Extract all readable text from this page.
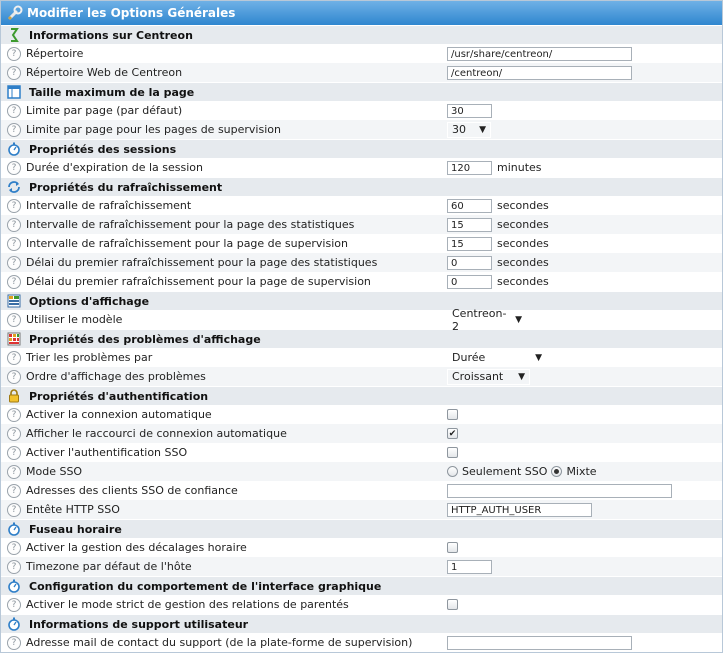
Modifier les Options Générales
Informations sur Centreon
? Répertoire	/usr/share/centreon/
? Répertoire Web de Centreon	/centreon/
Taille maximum de la page
? Limite par page (par défaut)	30
? Limite par page pour les pages de supervision	30 ▼
Propriétés des sessions
? Durée d'expiration de la session	120	minutes
Propriétés du rafraîchissement
? Intervalle de rafraîchissement	60	secondes
? Intervalle de rafraîchissement pour la page des statistiques	15	secondes
? Intervalle de rafraîchissement pour la page de supervision	15	secondes
? Délai du premier rafraîchissement pour la page des statistiques	0	secondes
? Délai du premier rafraîchissement pour la page de supervision	0	secondes
Options d'affichage
? Utiliser le modèle	Centreon-2	▼
Propriétés des problèmes d'affichage
? Trier les problèmes par	Durée	▼
? Ordre d'affichage des problèmes	Croissant ▼
Propriétés d'authentification
? Activer la connexion automatique
? Afficher le raccourci de connexion automatique	✔
? Activer l'authentification SSO
? Mode SSO	Seulement SSO Mixte
? Adresses des clients SSO de confiance
? Entête HTTP SSO	HTTP_AUTH_USER
Fuseau horaire
? Activer la gestion des décalages horaire
? Timezone par défaut de l'hôte	1
Configuration du comportement de l'interface graphique
? Activer le mode strict de gestion des relations de parentés
Informations de support utilisateur
? Adresse mail de contact du support (de la plate-forme de supervision)
